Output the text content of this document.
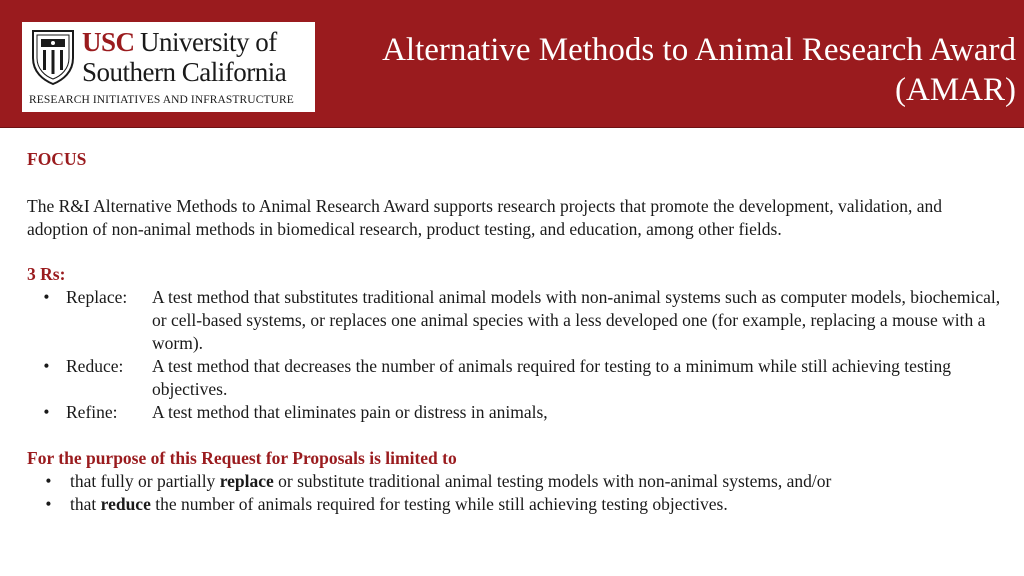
USC University of
Southern California
RESEARCH INITIATIVES AND INFRASTRUCTURE
Alternative Methods to Animal Research Award
(AMAR)
FOCUS

The R&I Alternative Methods to Animal Research Award supports research projects that promote the development, validation, and adoption of non-animal methods in biomedical research, product testing, and education, among other fields.

3 Rs:
• Replace:	A test method that substitutes traditional animal models with non-animal systems such as computer models, biochemical, or cell-based systems, or replaces one animal species with a less developed one (for example, replacing a mouse with a worm).
• Reduce:	A test method that decreases the number of animals required for testing to a minimum while still achieving testing objectives.
• Refine:	A test method that eliminates pain or distress in animals,
For the purpose of this Request for Proposals is limited to
•	that fully or partially replace or substitute traditional animal testing models with non-animal systems, and/or
•	that reduce the number of animals required for testing while still achieving testing objectives.
